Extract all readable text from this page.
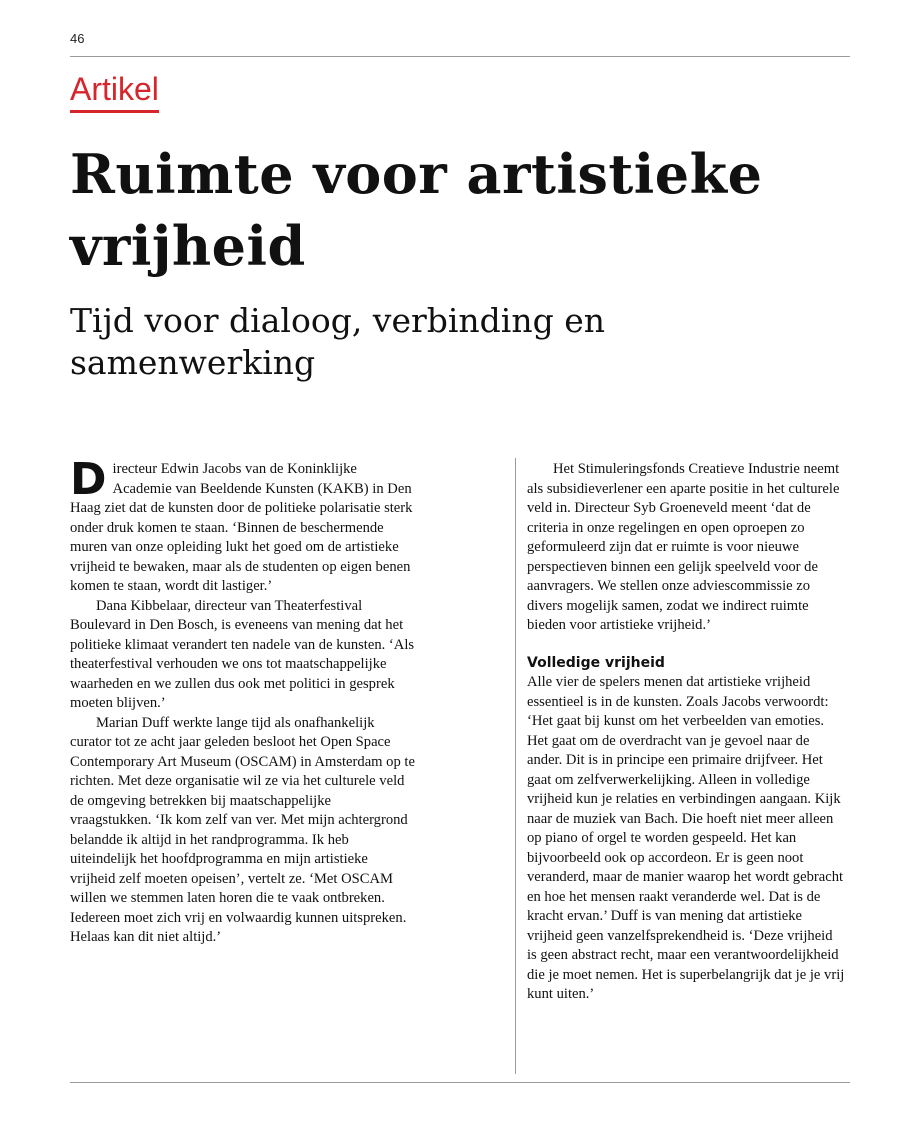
46
Artikel
Ruimte voor artistieke vrijheid
Tijd voor dialoog, verbinding en samenwerking

Directeur Edwin Jacobs van de Koninklijke Academie van Beeldende Kunsten (KAKB) in Den Haag ziet dat de kunsten door de politieke polarisatie sterk onder druk komen te staan. ‘Binnen de beschermende muren van onze opleiding lukt het goed om de artistieke vrijheid te bewaken, maar als de studenten op eigen benen komen te staan, wordt dit lastiger.’

Dana Kibbelaar, directeur van Theaterfestival Boulevard in Den Bosch, is eveneens van mening dat het politieke klimaat verandert ten nadele van de kunsten. ‘Als theaterfestival verhouden we ons tot maatschappelijke waarheden en we zullen dus ook met politici in gesprek moeten blijven.’

Marian Duff werkte lange tijd als onafhankelijk curator tot ze acht jaar geleden besloot het Open Space Contemporary Art Museum (OSCAM) in Amsterdam op te richten. Met deze organisatie wil ze via het culturele veld de omgeving betrekken bij maatschappelijke vraagstukken. ‘Ik kom zelf van ver. Met mijn achtergrond belandde ik altijd in het randprogramma. Ik heb uiteindelijk het hoofdprogramma en mijn artistieke vrijheid zelf moeten opeisen’, vertelt ze. ‘Met OSCAM willen we stemmen laten horen die te vaak ontbreken. Iedereen moet zich vrij en volwaardig kunnen uitspreken. Helaas kan dit niet altijd.’

Het Stimuleringsfonds Creatieve Industrie neemt als subsidieverlener een aparte positie in het culturele veld in. Directeur Syb Groeneveld meent ‘dat de criteria in onze regelingen en open oproepen zo geformuleerd zijn dat er ruimte is voor nieuwe perspectieven binnen een gelijk speelveld voor de aanvragers. We stellen onze adviescommissie zo divers mogelijk samen, zodat we indirect ruimte bieden voor artistieke vrijheid.’

Volledige vrijheid

Alle vier de spelers menen dat artistieke vrijheid essentieel is in de kunsten. Zoals Jacobs verwoordt: ‘Het gaat bij kunst om het verbeelden van emoties. Het gaat om de overdracht van je gevoel naar de ander. Dit is in principe een primaire drijfveer. Het gaat om zelfverwerkelijking. Alleen in volledige vrijheid kun je relaties en verbindingen aangaan. Kijk naar de muziek van Bach. Die hoeft niet meer alleen op piano of orgel te worden gespeeld. Het kan bijvoorbeeld ook op accordeon. Er is geen noot veranderd, maar de manier waarop het wordt gebracht en hoe het mensen raakt veranderde wel. Dat is de kracht ervan.’ Duff is van mening dat artistieke vrijheid geen vanzelfsprekendheid is. ‘Deze vrijheid is geen abstract recht, maar een verantwoordelijkheid die je moet nemen. Het is superbelangrijk dat je je vrij kunt uiten.’
